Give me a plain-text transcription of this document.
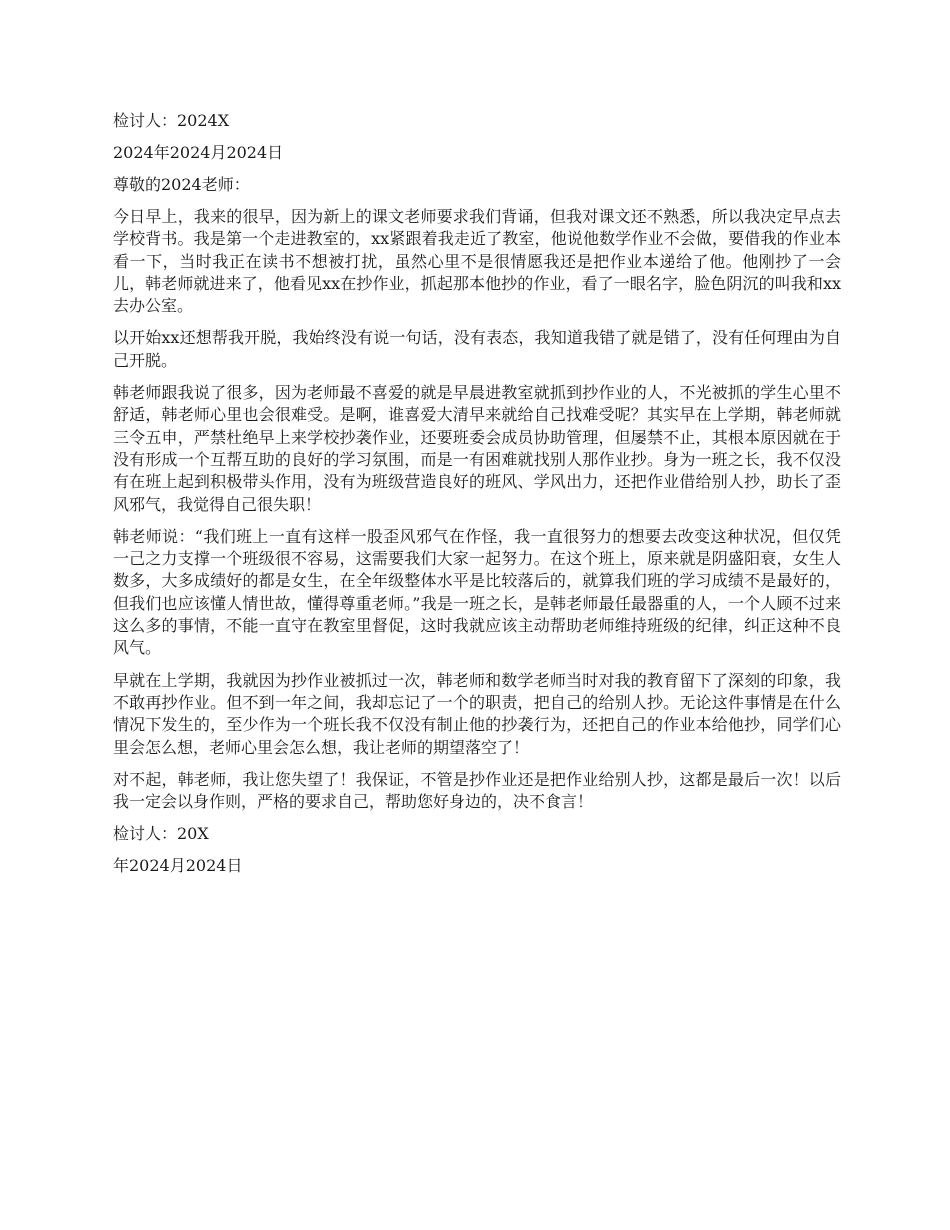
检讨人：2024X

2024年2024月2024日

尊敬的2024老师：

今日早上，我来的很早，因为新上的课文老师要求我们背诵，但我对课文还不熟悉，所以我决定早点去学校背书。我是第一个走进教室的，xx紧跟着我走近了教室，他说他数学作业不会做，要借我的作业本看一下，当时我正在读书不想被打扰，虽然心里不是很情愿我还是把作业本递给了他。他刚抄了一会儿，韩老师就进来了，他看见xx在抄作业，抓起那本他抄的作业，看了一眼名字，脸色阴沉的叫我和xx去办公室。

以开始xx还想帮我开脱，我始终没有说一句话，没有表态，我知道我错了就是错了，没有任何理由为自己开脱。

韩老师跟我说了很多，因为老师最不喜爱的就是早晨进教室就抓到抄作业的人，不光被抓的学生心里不舒适，韩老师心里也会很难受。是啊，谁喜爱大清早来就给自己找难受呢？其实早在上学期，韩老师就三令五申，严禁杜绝早上来学校抄袭作业，还要班委会成员协助管理，但屡禁不止，其根本原因就在于没有形成一个互帮互助的良好的学习氛围，而是一有困难就找别人那作业抄。身为一班之长，我不仅没有在班上起到积极带头作用，没有为班级营造良好的班风、学风出力，还把作业借给别人抄，助长了歪风邪气，我觉得自己很失职！

韩老师说：“我们班上一直有这样一股歪风邪气在作怪，我一直很努力的想要去改变这种状况，但仅凭一己之力支撑一个班级很不容易，这需要我们大家一起努力。在这个班上，原来就是阴盛阳衰，女生人数多，大多成绩好的都是女生，在全年级整体水平是比较落后的，就算我们班的学习成绩不是最好的，但我们也应该懂人情世故，懂得尊重老师。”我是一班之长，是韩老师最任最器重的人，一个人顾不过来这么多的事情，不能一直守在教室里督促，这时我就应该主动帮助老师维持班级的纪律，纠正这种不良风气。

早就在上学期，我就因为抄作业被抓过一次，韩老师和数学老师当时对我的教育留下了深刻的印象，我不敢再抄作业。但不到一年之间，我却忘记了一个的职责，把自己的给别人抄。无论这件事情是在什么情况下发生的，至少作为一个班长我不仅没有制止他的抄袭行为，还把自己的作业本给他抄，同学们心里会怎么想，老师心里会怎么想，我让老师的期望落空了！

对不起，韩老师，我让您失望了！我保证，不管是抄作业还是把作业给别人抄，这都是最后一次！以后我一定会以身作则，严格的要求自己，帮助您好身边的，决不食言！

检讨人：20X

年2024月2024日
